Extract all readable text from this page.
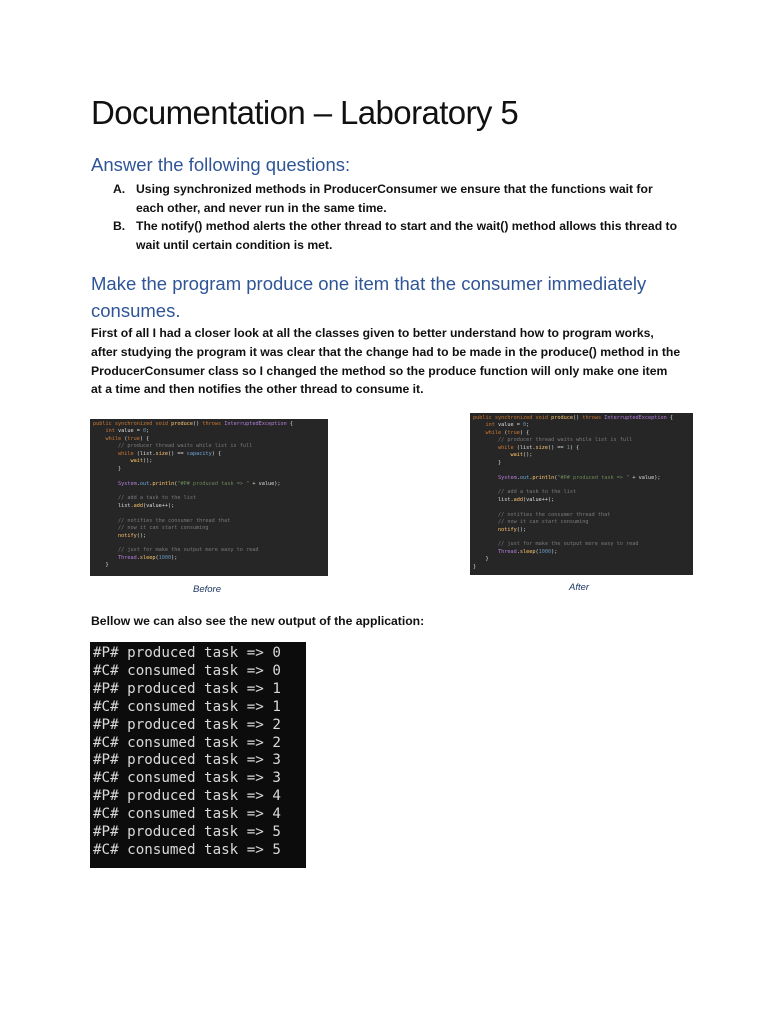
Documentation – Laboratory 5
Answer the following questions:
A. Using synchronized methods in ProducerConsumer we ensure that the functions wait for each other, and never run in the same time.
B. The notify() method alerts the other thread to start and the wait() method allows this thread to wait until certain condition is met.
Make the program produce one item that the consumer immediately consumes.

First of all I had a closer look at all the classes given to better understand how to program works, after studying the program it was clear that the change had to be made in the produce() method in the ProducerConsumer class so I changed the method so the produce function will only make one item at a time and then notifies the other thread to consume it.

public synchronized void produce() throws InterruptedException {
int value = 0;
while (true) {
// producer thread waits while list is full
while (list.size() == capacity) {
wait();
}

System.out.println("#P# produced task => " + value);

// add a task to the list
list.add(value++);

// notifies the consumer thread that
// now it can start consuming
notify();

// just for make the output more easy to read
Thread.sleep(1000);
}
Before
public synchronized void produce() throws InterruptedException {
int value = 0;
while (true) {
// producer thread waits while list is full
while (list.size() == 1) {
wait();
}

System.out.println("#P# produced task => " + value);

// add a task to the list
list.add(value++);

// notifies the consumer thread that
// now it can start consuming
notify();

// just for make the output more easy to read
Thread.sleep(1000);
}
}
After

Bellow we can also see the new output of the application:

#P# produced task => 0
#C# consumed task => 0
#P# produced task => 1
#C# consumed task => 1
#P# produced task => 2
#C# consumed task => 2
#P# produced task => 3
#C# consumed task => 3
#P# produced task => 4
#C# consumed task => 4
#P# produced task => 5
#C# consumed task => 5
